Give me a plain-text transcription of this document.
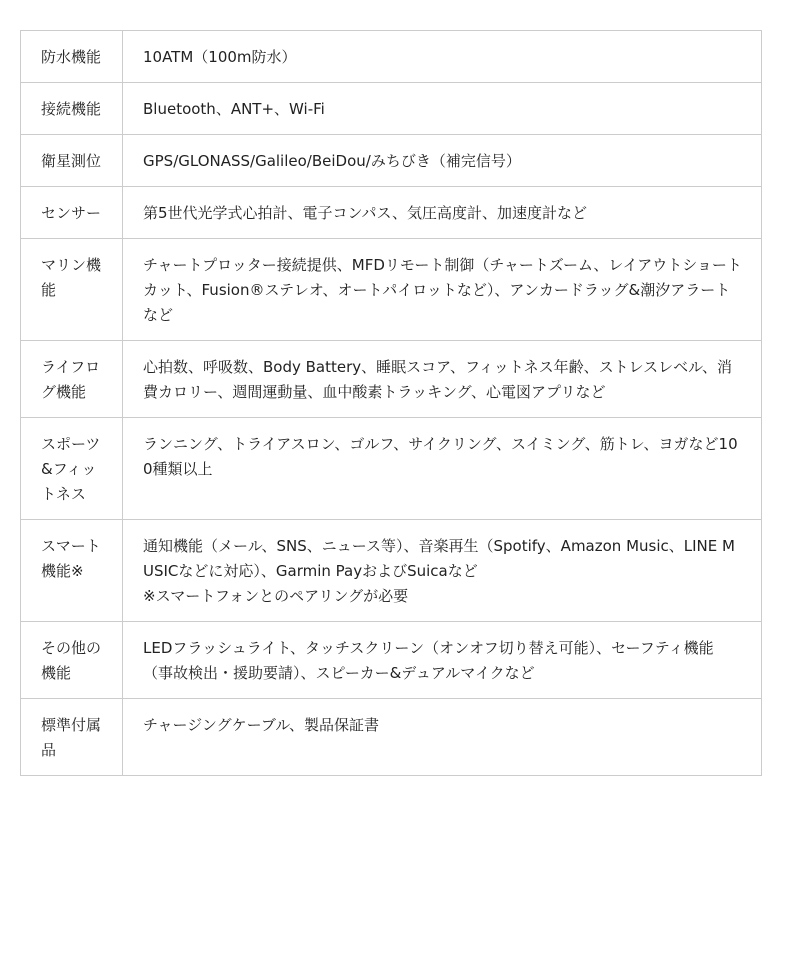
防水機能	10ATM（100m防水）
接続機能	Bluetooth、ANT+、Wi-Fi
衛星測位	GPS/GLONASS/Galileo/BeiDou/みちびき（補完信号）
センサー	第5世代光学式心拍計、電子コンパス、気圧高度計、加速度計など
マリン機能	チャートプロッター接続提供、MFDリモート制御（チャートズーム、レイアウトショートカット、Fusion®ステレオ、オートパイロットなど）、アンカードラッグ&潮汐アラートなど
ライフログ機能	心拍数、呼吸数、Body Battery、睡眠スコア、フィットネス年齢、ストレスレベル、消費カロリー、週間運動量、血中酸素トラッキング、心電図アプリなど
スポーツ&フィットネス	ランニング、トライアスロン、ゴルフ、サイクリング、スイミング、筋トレ、ヨガなど100種類以上
スマート機能※	通知機能（メール、SNS、ニュース等）、音楽再生（Spotify、Amazon Music、LINE MUSICなどに対応）、Garmin PayおよびSuicaなど
※スマートフォンとのペアリングが必要
その他の機能	LEDフラッシュライト、タッチスクリーン（オンオフ切り替え可能）、セーフティ機能（事故検出・援助要請）、スピーカー&デュアルマイクなど
標準付属品	チャージングケーブル、製品保証書
